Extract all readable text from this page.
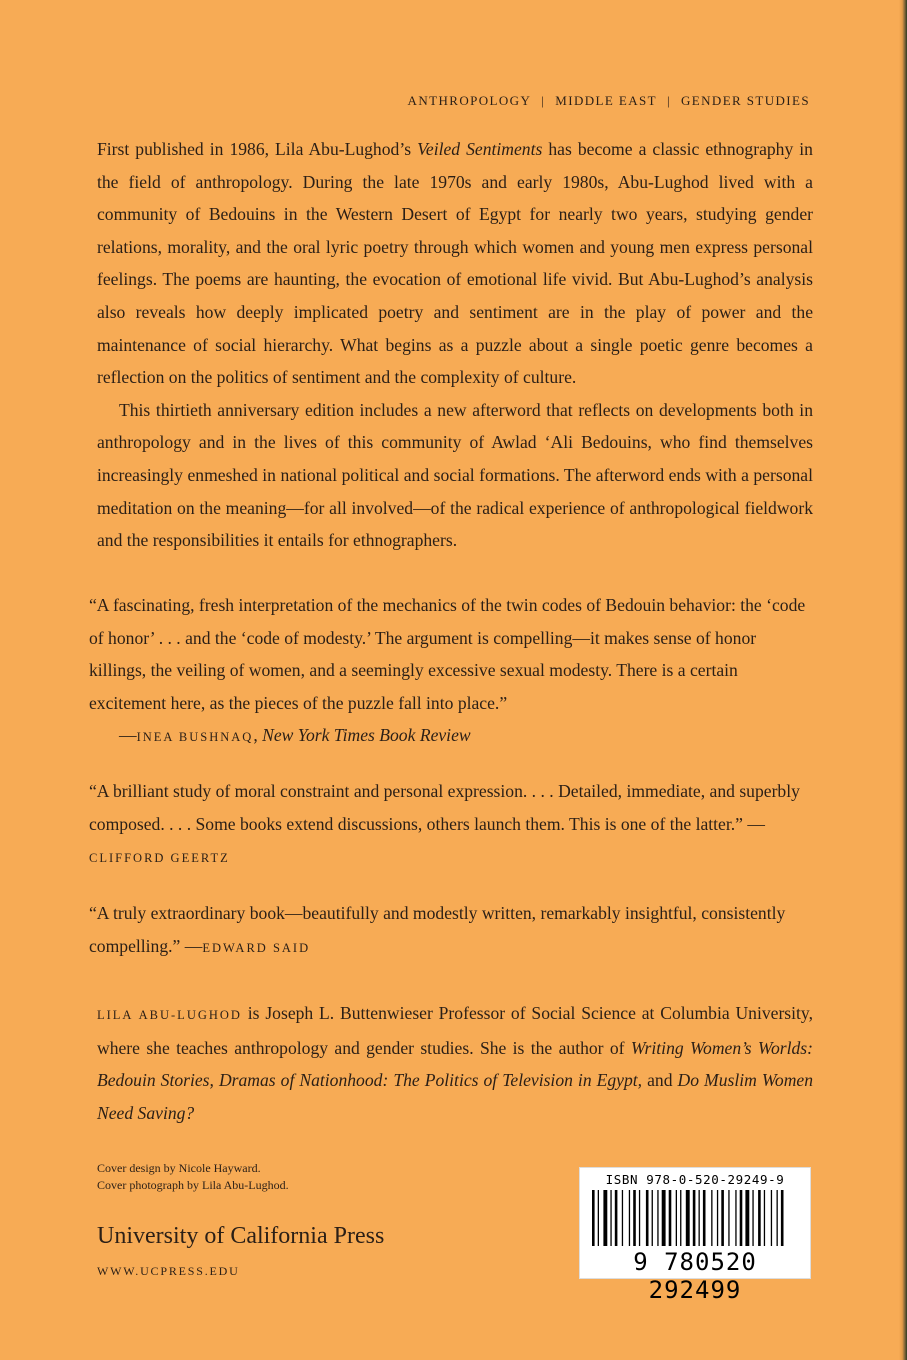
ANTHROPOLOGY | MIDDLE EAST | GENDER STUDIES

First published in 1986, Lila Abu-Lughod’s Veiled Sentiments has become a classic ethnography in the field of anthropology. During the late 1970s and early 1980s, Abu-Lughod lived with a community of Bedouins in the Western Desert of Egypt for nearly two years, studying gender relations, morality, and the oral lyric poetry through which women and young men express personal feelings. The poems are haunting, the evocation of emotional life vivid. But Abu-Lughod’s analysis also reveals how deeply implicated poetry and sentiment are in the play of power and the maintenance of social hierarchy. What begins as a puzzle about a single poetic genre becomes a reflection on the politics of sentiment and the complexity of culture.

This thirtieth anniversary edition includes a new afterword that reflects on developments both in anthropology and in the lives of this community of Awlad ‘Ali Bedouins, who find themselves increasingly enmeshed in national political and social formations. The afterword ends with a personal meditation on the meaning—for all involved—of the radical experience of anthropological fieldwork and the responsibilities it entails for ethnographers.

“A fascinating, fresh interpretation of the mechanics of the twin codes of Bedouin behavior: the ‘code of honor’ . . . and the ‘code of modesty.’ The argument is compelling—it makes sense of honor killings, the veiling of women, and a seemingly excessive sexual modesty. There is a certain excitement here, as the pieces of the puzzle fall into place.”

—INEA BUSHNAQ, New York Times Book Review

“A brilliant study of moral constraint and personal expression. . . . Detailed, immediate, and superbly composed. . . . Some books extend discussions, others launch them. This is one of the latter.” —CLIFFORD GEERTZ

“A truly extraordinary book—beautifully and modestly written, remarkably insightful, consistently compelling.” —EDWARD SAID

LILA ABU-LUGHOD is Joseph L. Buttenwieser Professor of Social Science at Columbia University, where she teaches anthropology and gender studies. She is the author of Writing Women’s Worlds: Bedouin Stories, Dramas of Nationhood: The Politics of Television in Egypt, and Do Muslim Women Need Saving?
Cover design by Nicole Hayward.
Cover photograph by Lila Abu-Lughod.
University of California Press
WWW.UCPRESS.EDU
ISBN 978-0-520-29249-9
9 780520 292499
